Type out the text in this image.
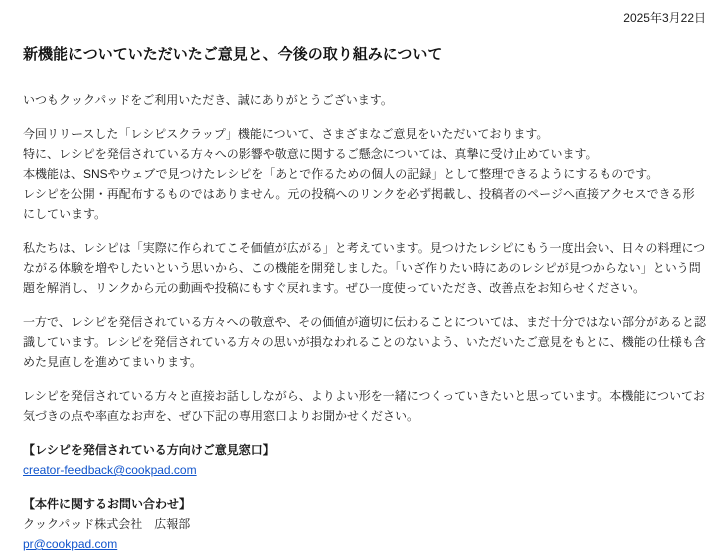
2025年3月22日
新機能についていただいたご意見と、今後の取り組みについて

いつもクックパッドをご利用いただき、誠にありがとうございます。

今回リリースした「レシピスクラップ」機能について、さまざまなご意見をいただいております。
特に、レシピを発信されている方々への影響や敬意に関するご懸念については、真摯に受け止めています。
本機能は、SNSやウェブで見つけたレシピを「あとで作るための個人の記録」として整理できるようにするものです。
レシピを公開・再配布するものではありません。元の投稿へのリンクを必ず掲載し、投稿者のページへ直接アクセスできる形にしています。

私たちは、レシピは「実際に作られてこそ価値が広がる」と考えています。見つけたレシピにもう一度出会い、日々の料理につながる体験を増やしたいという思いから、この機能を開発しました。「いざ作りたい時にあのレシピが見つからない」という問題を解消し、リンクから元の動画や投稿にもすぐ戻れます。ぜひ一度使っていただき、改善点をお知らせください。

一方で、レシピを発信されている方々への敬意や、その価値が適切に伝わることについては、まだ十分ではない部分があると認識しています。レシピを発信されている方々の思いが損なわれることのないよう、いただいたご意見をもとに、機能の仕様も含めた見直しを進めてまいります。

レシピを発信されている方々と直接お話ししながら、よりよい形を一緒につくっていきたいと思っています。本機能についてお気づきの点や率直なお声を、ぜひ下記の専用窓口よりお聞かせください。

【レシピを発信されている方向けご意見窓口】
creator-feedback@cookpad.com
【本件に関するお問い合わせ】
クックパッド株式会社　広報部
pr@cookpad.com
